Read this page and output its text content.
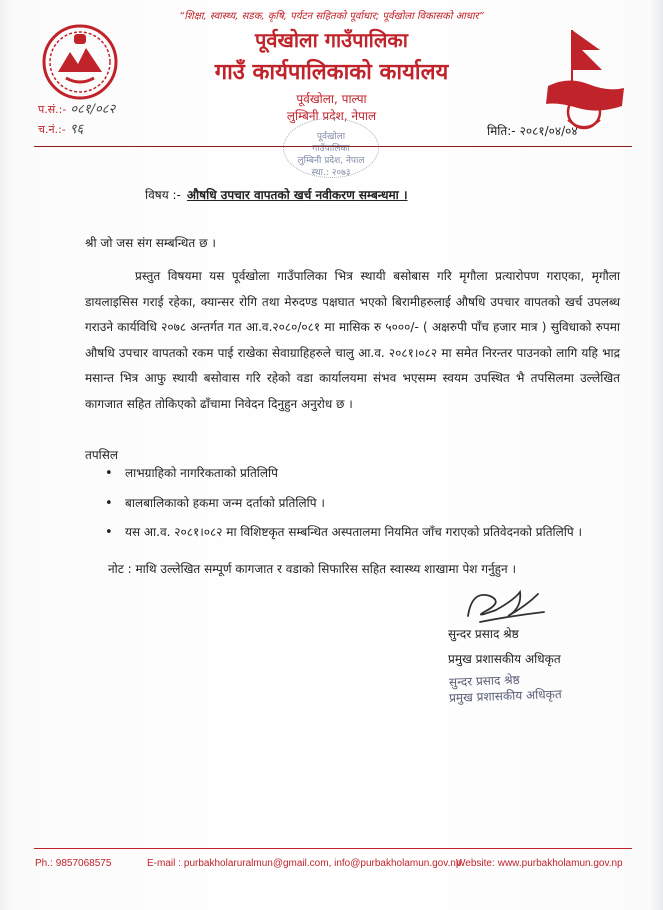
“शिक्षा, स्वास्थ्य, सडक, कृषि, पर्यटन सहितको पूर्वाधार; पूर्वखोला विकासको आधार”
पूर्वखोला गाउँपालिका
गाउँ कार्यपालिकाको कार्यालय
पूर्वखोला, पाल्पा
लुम्बिनी प्रदेश, नेपाल
प.सं.:- ०८१/०८२
च.नं.:- ९६	पूर्वखोला
गाउँपालिका
लुम्बिनी प्रदेश, नेपाल
स्था.: २०७३
मिति:- २०८१/०४/०४
विषय :- औषधि उपचार वापतको खर्च नवीकरण सम्बन्धमा ।
श्री जो जस संग सम्बन्धित छ ।
प्रस्तुत विषयमा यस पूर्वखोला गाउँपालिका भित्र स्थायी बसोबास गरि मृगौला प्रत्यारोपण गराएका, मृगौला डायलाइसिस गराई रहेका, क्यान्सर रोगि तथा मेरुदण्ड पक्षघात भएको बिरामीहरुलाई औषधि उपचार वापतको खर्च उपलब्ध गराउने कार्यविधि २०७८ अन्तर्गत गत आ.व.२०८०/०८१ मा मासिक रु ५०००/- ( अक्षरुपी पाँच हजार मात्र ) सुविधाको रुपमा औषधि उपचार वापतको रकम पाई राखेका सेवाग्राहिहरुले चालु आ.व. २०८१।०८२ मा समेत निरन्तर पाउनको लागि यहि भाद्र मसान्त भित्र आफु स्थायी बसोवास गरि रहेको वडा कार्यालयमा संभव भएसम्म स्वयम उपस्थित भै तपसिलमा उल्लेखित कागजात सहित तोकिएको ढाँचामा निवेदन दिनुहुन अनुरोध छ ।
तपसिल
• लाभग्राहिको नागरिकताको प्रतिलिपि
• बालबालिकाको हकमा जन्म दर्ताको प्रतिलिपि ।
• यस आ.व. २०८१।०८२ मा विशिष्टकृत सम्बन्धित अस्पतालमा नियमित जाँच गराएको प्रतिवेदनको प्रतिलिपि ।
नोट : माथि उल्लेखित सम्पूर्ण कागजात र वडाको सिफारिस सहित स्वास्थ्य शाखामा पेश गर्नुहुन ।
सुन्दर प्रसाद श्रेष्ठ
प्रमुख प्रशासकीय अधिकृत
सुन्दर प्रसाद श्रेष्ठ
प्रमुख प्रशासकीय अधिकृत
Ph.: 9857068575	E-mail : purbakholaruralmun@gmail.com, info@purbakholamun.gov.np
Website: www.purbakholamun.gov.np
